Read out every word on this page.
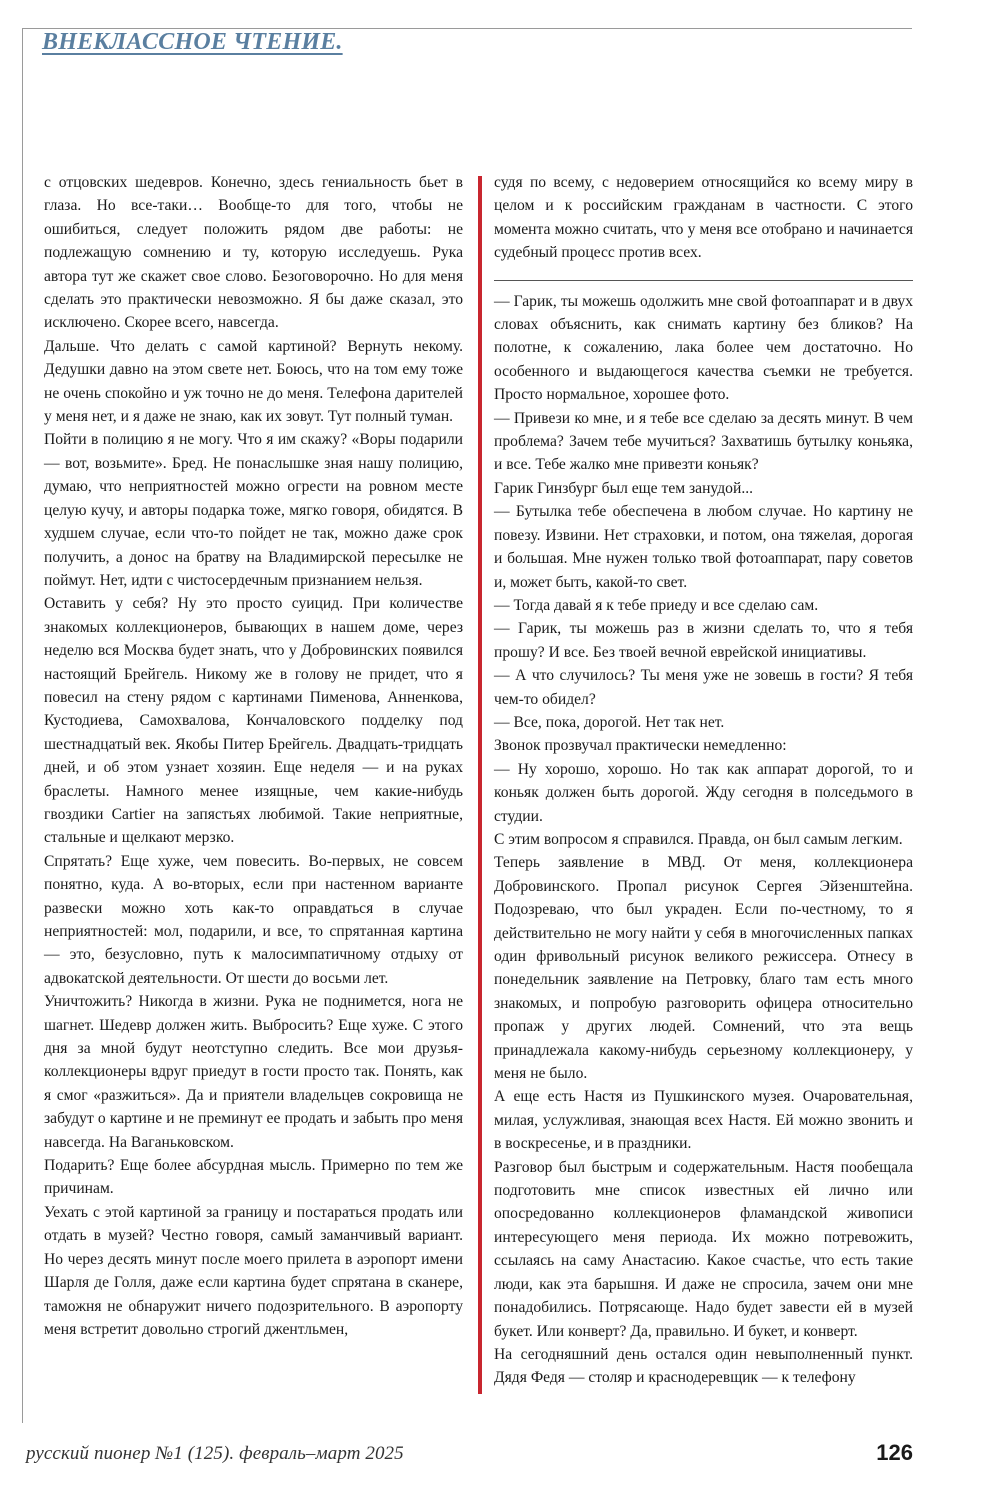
ВНЕКЛАССНОЕ ЧТЕНИЕ.

с отцовских шедевров. Конечно, здесь гениальность бьет в глаза. Но все-таки… Вообще-то для того, чтобы не ошибиться, следует положить рядом две работы: не подлежащую сомнению и ту, которую исследуешь. Рука автора тут же скажет свое слово. Безоговорочно. Но для меня сделать это практически невозможно. Я бы даже сказал, это исключено. Скорее всего, навсегда.

Дальше. Что делать с самой картиной? Вернуть некому. Дедушки давно на этом свете нет. Боюсь, что на том ему тоже не очень спокойно и уж точно не до меня. Телефона дарителей у меня нет, и я даже не знаю, как их зовут. Тут полный туман.

Пойти в полицию я не могу. Что я им скажу? «Воры подарили — вот, возьмите». Бред. Не понаслышке зная нашу полицию, думаю, что неприятностей можно огрести на ровном месте целую кучу, и авторы подарка тоже, мягко говоря, обидятся. В худшем случае, если что-то пойдет не так, можно даже срок получить, а донос на братву на Владимирской пересылке не поймут. Нет, идти с чистосердечным признанием нельзя.

Оставить у себя? Ну это просто суицид. При количестве знакомых коллекционеров, бывающих в нашем доме, через неделю вся Москва будет знать, что у Добровинских появился настоящий Брейгель. Никому же в голову не придет, что я повесил на стену рядом с картинами Пименова, Анненкова, Кустодиева, Самохвалова, Кончаловского подделку под шестнадцатый век. Якобы Питер Брейгель. Двадцать-тридцать дней, и об этом узнает хозяин. Еще неделя — и на руках браслеты. Намного менее изящные, чем какие-нибудь гвоздики Cartier на запястьях любимой. Такие неприятные, стальные и щелкают мерзко.

Спрятать? Еще хуже, чем повесить. Во-первых, не совсем понятно, куда. А во-вторых, если при настенном варианте развески можно хоть как-то оправдаться в случае неприятностей: мол, подарили, и все, то спрятанная картина — это, безусловно, путь к малосимпатичному отдыху от адвокатской деятельности. От шести до восьми лет.

Уничтожить? Никогда в жизни. Рука не поднимется, нога не шагнет. Шедевр должен жить. Выбросить? Еще хуже. С этого дня за мной будут неотступно следить. Все мои друзья-коллекционеры вдруг приедут в гости просто так. Понять, как я смог «разжиться». Да и приятели владельцев сокровища не забудут о картине и не преминут ее продать и забыть про меня навсегда. На Ваганьковском.

Подарить? Еще более абсурдная мысль. Примерно по тем же причинам.

Уехать с этой картиной за границу и постараться продать или отдать в музей? Честно говоря, самый заманчивый вариант. Но через десять минут после моего прилета в аэропорт имени Шарля де Голля, даже если картина будет спрятана в сканере, таможня не обнаружит ничего подозрительного. В аэропорту меня встретит довольно строгий джентльмен,

судя по всему, с недоверием относящийся ко всему миру в целом и к российским гражданам в частности. С этого момента можно считать, что у меня все отобрано и начинается судебный процесс против всех.

— Гарик, ты можешь одолжить мне свой фотоаппарат и в двух словах объяснить, как снимать картину без бликов? На полотне, к сожалению, лака более чем достаточно. Но особенного и выдающегося качества съемки не требуется. Просто нормальное, хорошее фото.

— Привези ко мне, и я тебе все сделаю за десять минут. В чем проблема? Зачем тебе мучиться? Захватишь бутылку коньяка, и все. Тебе жалко мне привезти коньяк?

Гарик Гинзбург был еще тем занудой...

— Бутылка тебе обеспечена в любом случае. Но картину не повезу. Извини. Нет страховки, и потом, она тяжелая, дорогая и большая. Мне нужен только твой фотоаппарат, пару советов и, может быть, какой-то свет.

— Тогда давай я к тебе приеду и все сделаю сам.

— Гарик, ты можешь раз в жизни сделать то, что я тебя прошу? И все. Без твоей вечной еврейской инициативы.

— А что случилось? Ты меня уже не зовешь в гости? Я тебя чем-то обидел?

— Все, пока, дорогой. Нет так нет.

Звонок прозвучал практически немедленно:

— Ну хорошо, хорошо. Но так как аппарат дорогой, то и коньяк должен быть дорогой. Жду сегодня в полседьмого в студии.

С этим вопросом я справился. Правда, он был самым легким.

Теперь заявление в МВД. От меня, коллекционера Добровинского. Пропал рисунок Сергея Эйзенштейна. Подозреваю, что был украден. Если по-честному, то я действительно не могу найти у себя в многочисленных папках один фривольный рисунок великого режиссера. Отнесу в понедельник заявление на Петровку, благо там есть много знакомых, и попробую разговорить офицера относительно пропаж у других людей. Сомнений, что эта вещь принадлежала какому-нибудь серьезному коллекционеру, у меня не было.

А еще есть Настя из Пушкинского музея. Очаровательная, милая, услужливая, знающая всех Настя. Ей можно звонить и в воскресенье, и в праздники.

Разговор был быстрым и содержательным. Настя пообещала подготовить мне список известных ей лично или опосредованно коллекционеров фламандской живописи интересующего меня периода. Их можно потревожить, ссылаясь на саму Анастасию. Какое счастье, что есть такие люди, как эта барышня. И даже не спросила, зачем они мне понадобились. Потрясающе. Надо будет завести ей в музей букет. Или конверт? Да, правильно. И букет, и конверт.

На сегодняшний день остался один невыполненный пункт. Дядя Федя — столяр и краснодеревщик — к телефону

русский пионер №1 (125). февраль–март 2025	126
